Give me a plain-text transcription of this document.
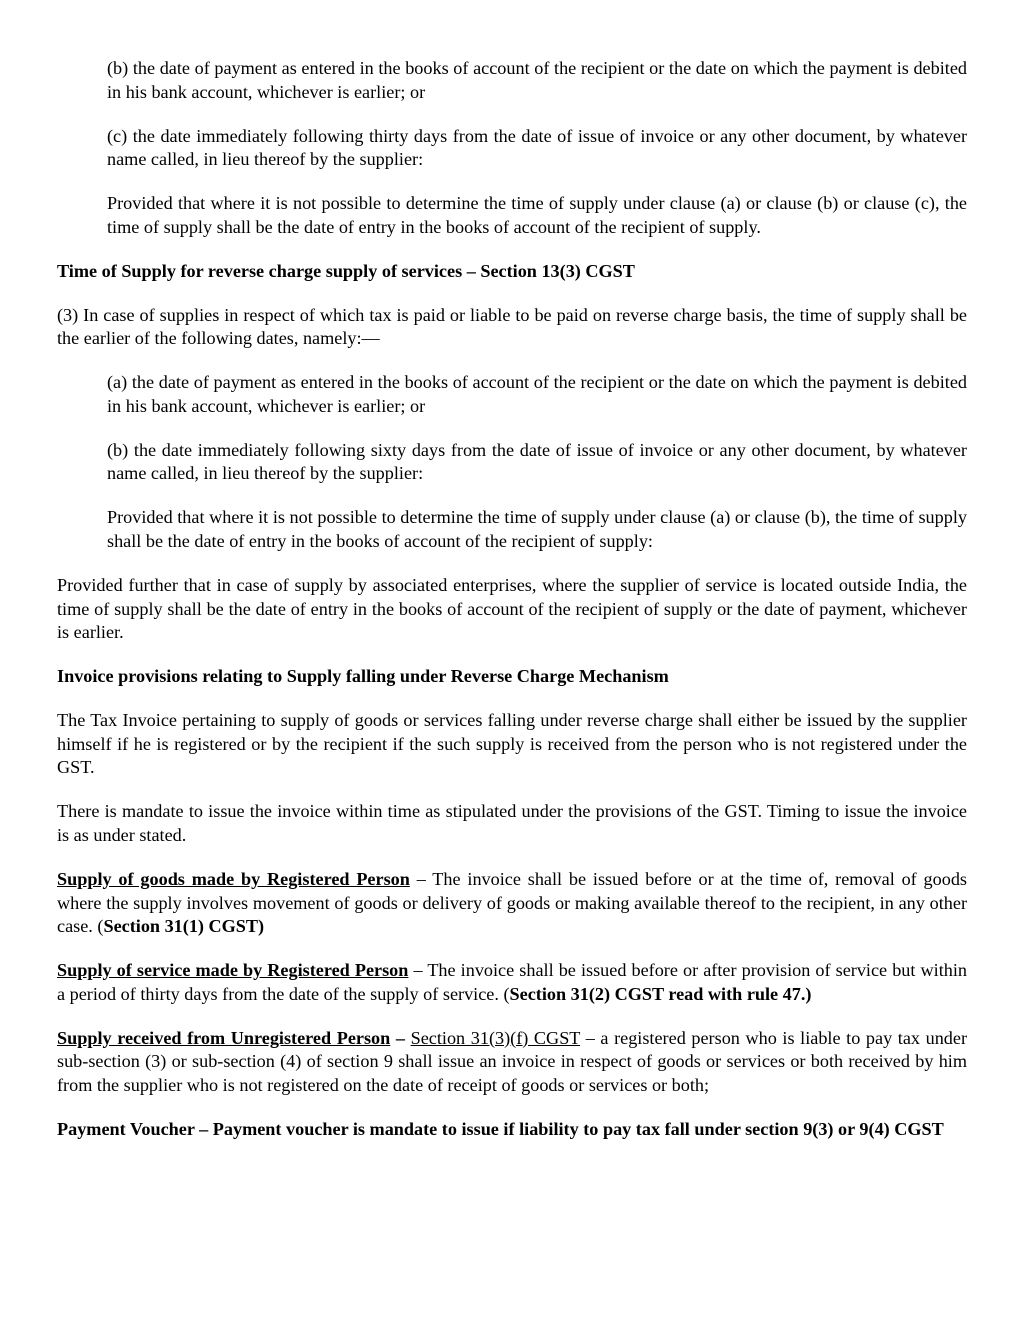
(b) the date of payment as entered in the books of account of the recipient or the date on which the payment is debited in his bank account, whichever is earlier; or

(c) the date immediately following thirty days from the date of issue of invoice or any other document, by whatever name called, in lieu thereof by the supplier:

Provided that where it is not possible to determine the time of supply under clause (a) or clause (b) or clause (c), the time of supply shall be the date of entry in the books of account of the recipient of supply.

Time of Supply for reverse charge supply of services – Section 13(3) CGST

(3) In case of supplies in respect of which tax is paid or liable to be paid on reverse charge basis, the time of supply shall be the earlier of the following dates, namely:—

(a) the date of payment as entered in the books of account of the recipient or the date on which the payment is debited in his bank account, whichever is earlier; or

(b) the date immediately following sixty days from the date of issue of invoice or any other document, by whatever name called, in lieu thereof by the supplier:

Provided that where it is not possible to determine the time of supply under clause (a) or clause (b), the time of supply shall be the date of entry in the books of account of the recipient of supply:

Provided further that in case of supply by associated enterprises, where the supplier of service is located outside India, the time of supply shall be the date of entry in the books of account of the recipient of supply or the date of payment, whichever is earlier.

Invoice provisions relating to Supply falling under Reverse Charge Mechanism

The Tax Invoice pertaining to supply of goods or services falling under reverse charge shall either be issued by the supplier himself if he is registered or by the recipient if the such supply is received from the person who is not registered under the GST.

There is mandate to issue the invoice within time as stipulated under the provisions of the GST. Timing to issue the invoice is as under stated.

Supply of goods made by Registered Person – The invoice shall be issued before or at the time of, removal of goods where the supply involves movement of goods or delivery of goods or making available thereof to the recipient, in any other case. (Section 31(1) CGST)

Supply of service made by Registered Person – The invoice shall be issued before or after provision of service but within a period of thirty days from the date of the supply of service. (Section 31(2) CGST read with rule 47.)

Supply received from Unregistered Person – Section 31(3)(f) CGST – a registered person who is liable to pay tax under sub-section (3) or sub-section (4) of section 9 shall issue an invoice in respect of goods or services or both received by him from the supplier who is not registered on the date of receipt of goods or services or both;

Payment Voucher – Payment voucher is mandate to issue if liability to pay tax fall under section 9(3) or 9(4) CGST
